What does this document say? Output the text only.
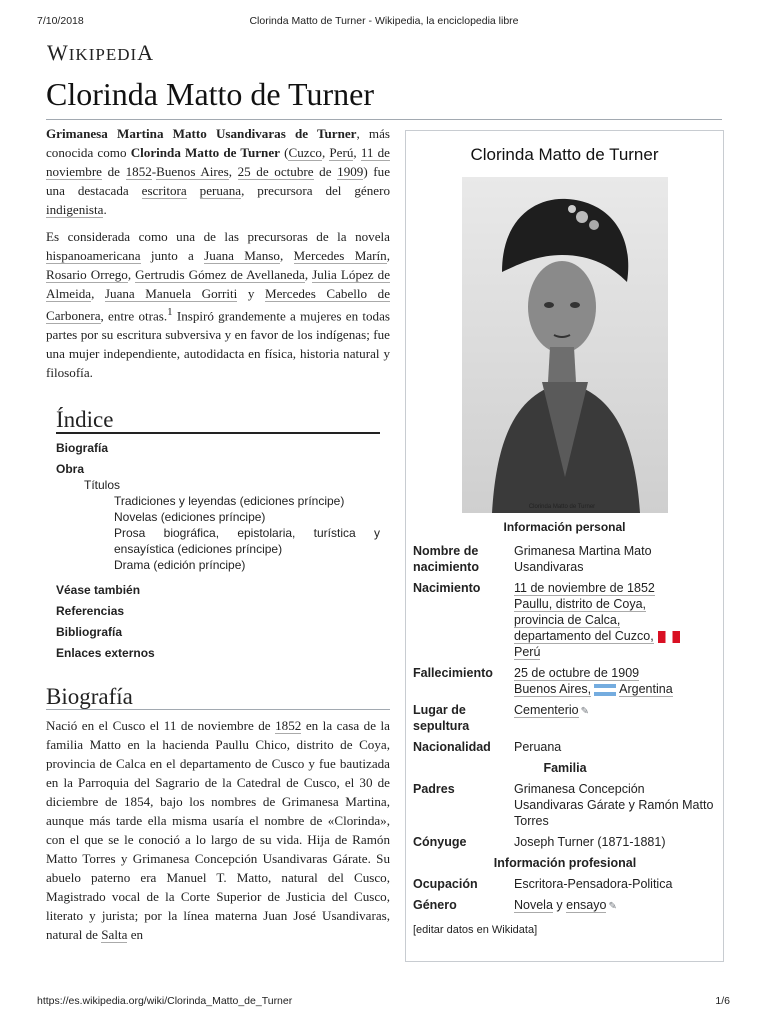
7/10/2018	Clorinda Matto de Turner - Wikipedia, la enciclopedia libre
WIKIPEDIA
Clorinda Matto de Turner

Grimanesa Martina Matto Usandivaras de Turner, más conocida como Clorinda Matto de Turner (Cuzco, Perú, 11 de noviembre de 1852-Buenos Aires, 25 de octubre de 1909) fue una destacada escritora peruana, precursora del género indigenista.

Es considerada como una de las precursoras de la novela hispanoamericana junto a Juana Manso, Mercedes Marín, Rosario Orrego, Gertrudis Gómez de Avellaneda, Julia López de Almeida, Juana Manuela Gorriti y Mercedes Cabello de Carbonera, entre otras.$^1$ Inspiró grandemente a mujeres en todas partes por su escritura subversiva y en favor de los indígenas; fue una mujer independiente, autodidacta en física, historia natural y filosofía.

Índice
Biografía
Obra
Títulos
Tradiciones y leyendas (ediciones príncipe)
Novelas (ediciones príncipe)
Prosa biográfica, epistolaria, turística y ensayística (ediciones príncipe)
Drama (edición príncipe)
Véase también
Referencias
Bibliografía
Enlaces externos
Biografía

Nació en el Cusco el 11 de noviembre de 1852 en la casa de la familia Matto en la hacienda Paullu Chico, distrito de Coya, provincia de Calca en el departamento de Cusco y fue bautizada en la Parroquia del Sagrario de la Catedral de Cusco, el 30 de diciembre de 1854, bajo los nombres de Grimanesa Martina, aunque más tarde ella misma usaría el nombre de «Clorinda», con el que se le conoció a lo largo de su vida. Hija de Ramón Matto Torres y Grimanesa Concepción Usandivaras Gárate. Su abuelo paterno era Manuel T. Matto, natural del Cusco, Magistrado vocal de la Corte Superior de Justicia del Cusco, literato y jurista; por la línea materna Juan José Usandivaras, natural de Salta en

Clorinda Matto de Turner
Clorinda Matto de Turner
Información personal
Nombre de nacimiento	Grimanesa Martina Mato Usandivaras
Nacimiento	11 de noviembre de 1852
Paullu, distrito de Coya,
provincia de Calca,
departamento del Cuzco,
Perú
Fallecimiento	25 de octubre de 1909
Buenos Aires, Argentina
Lugar de sepultura	Cementerio ✎
Nacionalidad	Peruana
Familia	
Padres	Grimanesa Concepción Usandivaras Gárate y Ramón Matto Torres
Cónyuge	Joseph Turner (1871-1881)
Información profesional	
Ocupación	Escritora-Pensadora-Politica
Género	Novela y ensayo ✎
[editar datos en Wikidata]
https://es.wikipedia.org/wiki/Clorinda_Matto_de_Turner	1/6
